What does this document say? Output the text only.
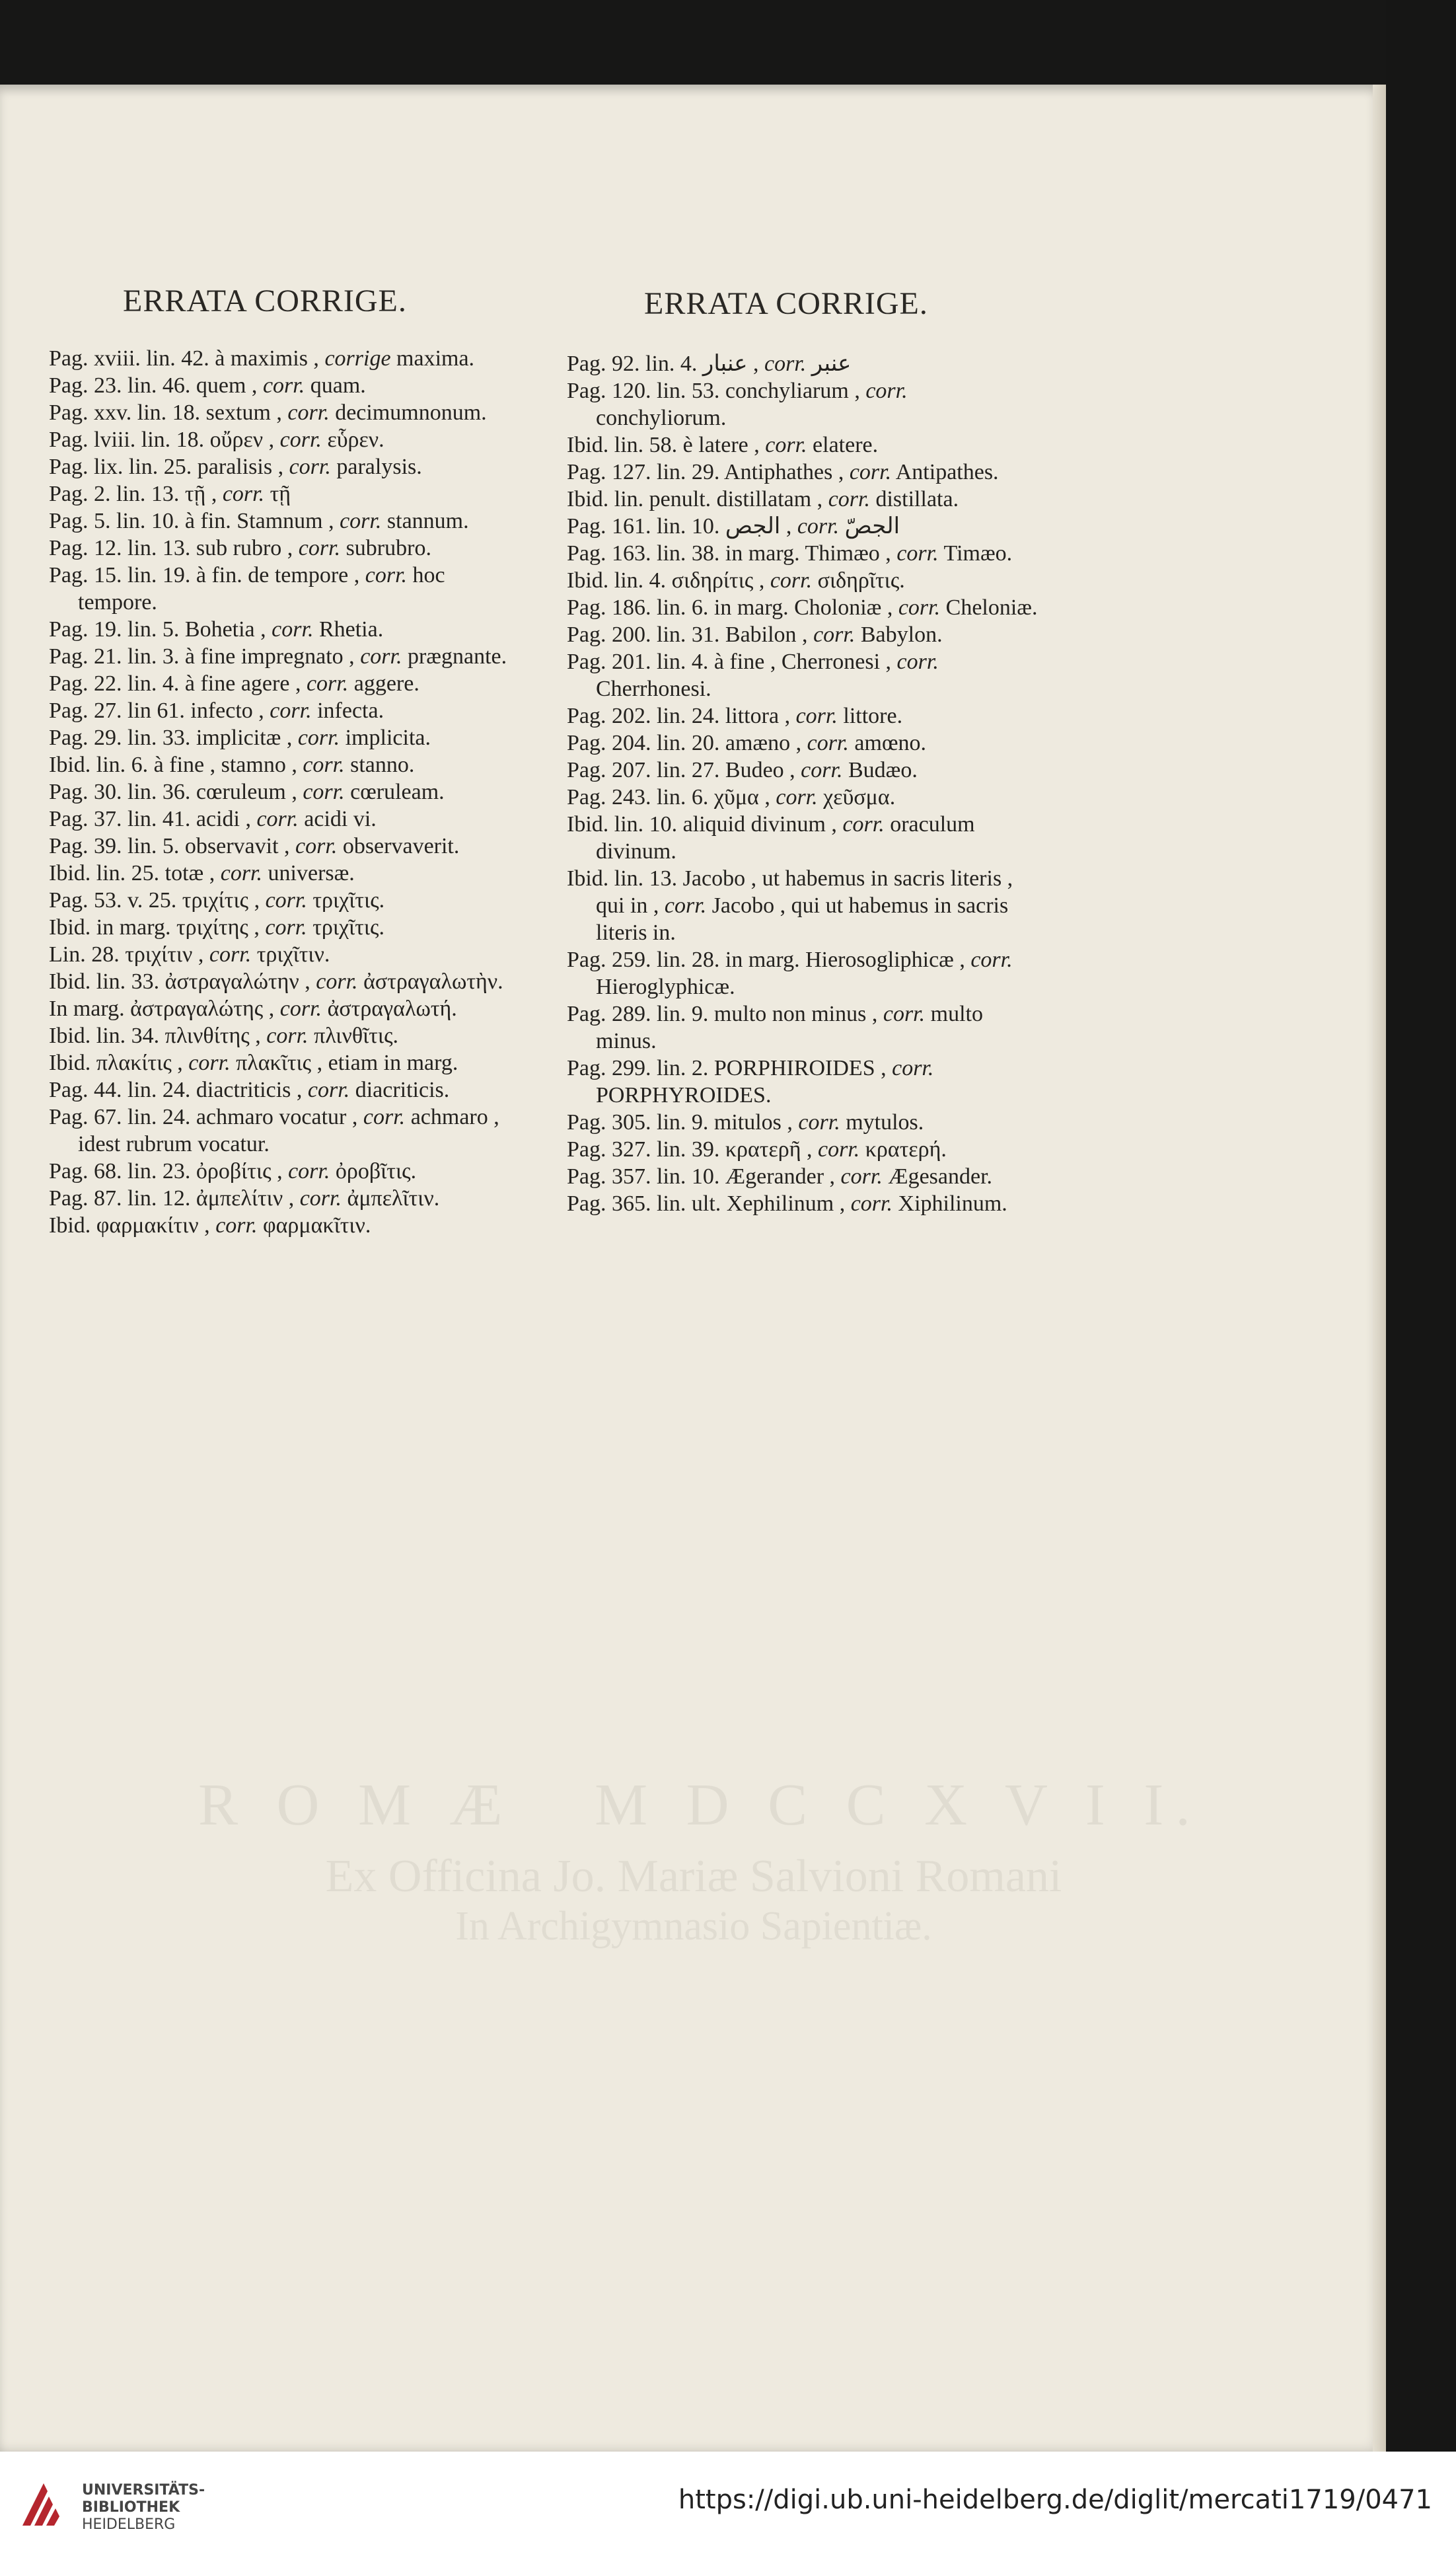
R O M Æ   M D C C X V I I.
Ex Officina Jo. Mariæ Salvioni Romani
In Archigymnasio Sapientiæ.
ERRATA CORRIGE.	ERRATA CORRIGE.

Pag. xviii. lin. 42. à maximis , corrige maxima.

Pag. 23. lin. 46. quem , corr. quam.

Pag. xxv. lin. 18. sextum , corr. decimumnonum.

Pag. lviii. lin. 18. οὔρεν , corr. εὗρεν.

Pag. lix. lin. 25. paralisis , corr. paralysis.

Pag. 2. lin. 13. τῇ , corr. τῇ

Pag. 5. lin. 10. à fin. Stamnum , corr. stannum.

Pag. 12. lin. 13. sub rubro , corr. subrubro.

Pag. 15. lin. 19. à fin. de tempore , corr. hoc tempore.

Pag. 19. lin. 5. Bohetia , corr. Rhetia.

Pag. 21. lin. 3. à fine impregnato , corr. prægnante.

Pag. 22. lin. 4. à fine agere , corr. aggere.

Pag. 27. lin 61. infecto , corr. infecta.

Pag. 29. lin. 33. implicitæ , corr. implicita.

Ibid. lin. 6. à fine , stamno , corr. stanno.

Pag. 30. lin. 36. cœruleum , corr. cœruleam.

Pag. 37. lin. 41. acidi , corr. acidi vi.

Pag. 39. lin. 5. observavit , corr. observaverit.

Ibid. lin. 25. totæ , corr. universæ.

Pag. 53. v. 25. τριχίτις , corr. τριχῖτις.

Ibid. in marg. τριχίτης , corr. τριχῖτις.

Lin. 28. τριχίτιν , corr. τριχῖτιν.

Ibid. lin. 33. ἀστραγαλώτην , corr. ἀστραγαλωτὴν.

In marg. ἀστραγαλώτης , corr. ἀστραγαλωτή.

Ibid. lin. 34. πλινθίτης , corr. πλινθῖτις.

Ibid. πλακίτις , corr. πλακῖτις , etiam in marg.

Pag. 44. lin. 24. diactriticis , corr. diacriticis.

Pag. 67. lin. 24. achmaro vocatur , corr. achmaro , idest rubrum vocatur.

Pag. 68. lin. 23. ὀροβίτις , corr. ὀροβῖτις.

Pag. 87. lin. 12. ἀμπελίτιν , corr. ἀμπελῖτιν.

Ibid. φαρμακίτιν , corr. φαρμακῖτιν.

Pag. 92. lin. 4. عنبار , corr. عنبر

Pag. 120. lin. 53. conchyliarum , corr. conchyliorum.

Ibid. lin. 58. è latere , corr. elatere.

Pag. 127. lin. 29. Antiphathes , corr. Antipathes.

Ibid. lin. penult. distillatam , corr. distillata.

Pag. 161. lin. 10. الجص , corr. الجصّ

Pag. 163. lin. 38. in marg. Thimæo , corr. Timæo.

Ibid. lin. 4. σιδηρίτις , corr. σιδηρῖτις.

Pag. 186. lin. 6. in marg. Choloniæ , corr. Cheloniæ.

Pag. 200. lin. 31. Babilon , corr. Babylon.

Pag. 201. lin. 4. à fine , Cherronesi , corr. Cherrhonesi.

Pag. 202. lin. 24. littora , corr. littore.

Pag. 204. lin. 20. amæno , corr. amœno.

Pag. 207. lin. 27. Budeo , corr. Budæo.

Pag. 243. lin. 6. χῦμα , corr. χεῦσμα.

Ibid. lin. 10. aliquid divinum , corr. oraculum divinum.

Ibid. lin. 13. Jacobo , ut habemus in sacris literis , qui in , corr. Jacobo , qui ut habemus in sacris literis in.

Pag. 259. lin. 28. in marg. Hierosogliphicæ , corr. Hieroglyphicæ.

Pag. 289. lin. 9. multo non minus , corr. multo minus.

Pag. 299. lin. 2. PORPHIROIDES , corr. PORPHYROIDES.

Pag. 305. lin. 9. mitulos , corr. mytulos.

Pag. 327. lin. 39. κρατερῆ , corr. κρατερή.

Pag. 357. lin. 10. Ægerander , corr. Ægesander.

Pag. 365. lin. ult. Xephilinum , corr. Xiphilinum.

UNIVERSITÄTS-
BIBLIOTHEK
HEIDELBERG
https://digi.ub.uni-heidelberg.de/diglit/mercati1719/0471
